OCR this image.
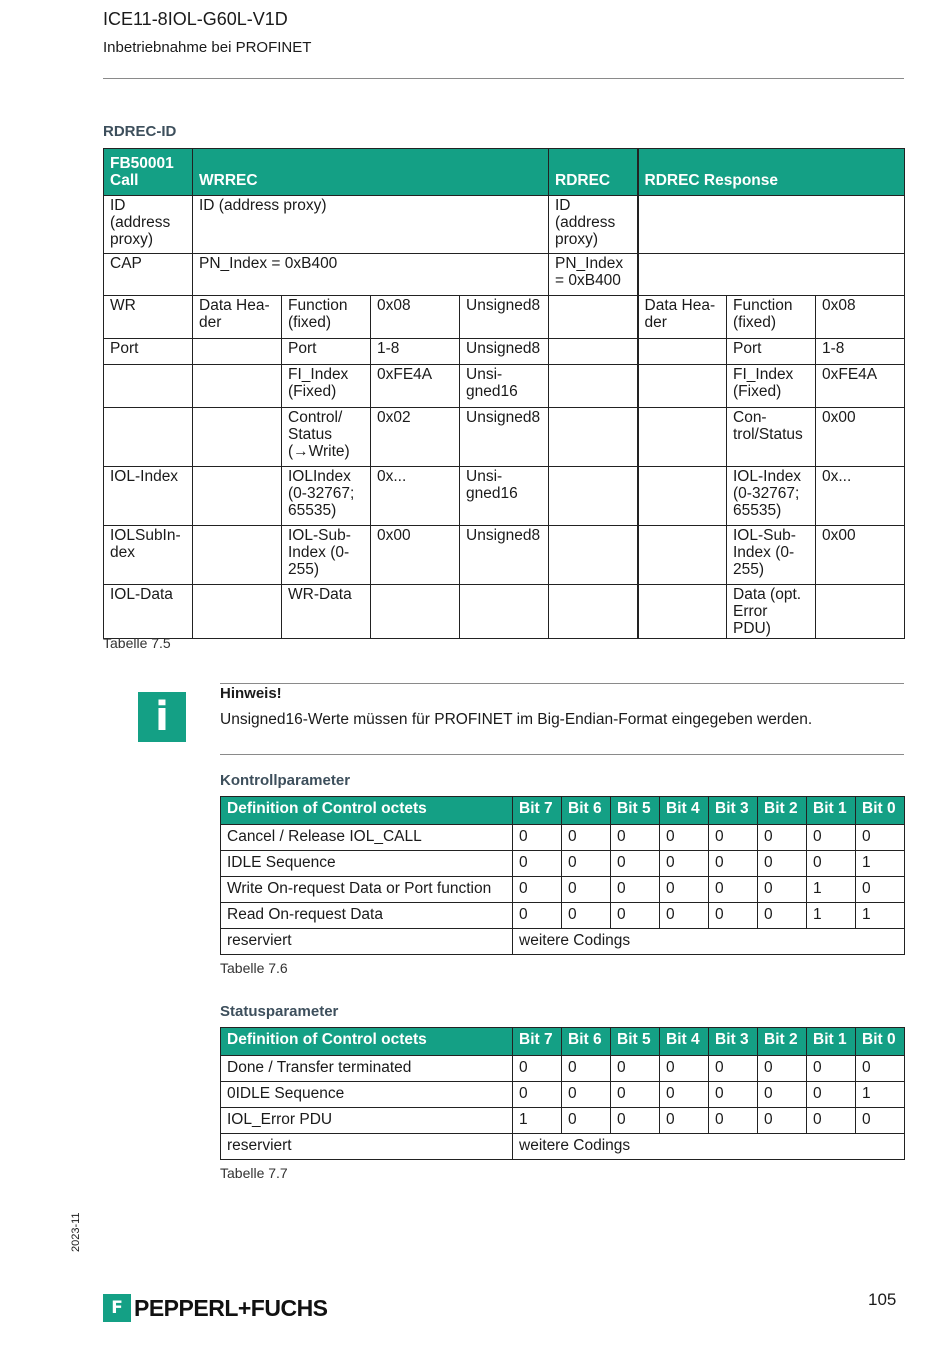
ICE11-8IOL-G60L-V1D
Inbetriebnahme bei PROFINET
RDREC-ID
FB50001 Call	WRREC				RDREC	RDREC Response		
ID (address proxy)	ID (address proxy)				ID (address proxy)			
CAP	PN_Index = 0xB400				PN_Index = 0xB400			
WR	Data Hea-der	Function (fixed)	0x08	Unsigned8		Data Hea-der	Function (fixed)	0x08
Port		Port	1-8	Unsigned8			Port	1-8
		FI_Index (Fixed)	0xFE4A	Unsi-gned16			FI_Index (Fixed)	0xFE4A
		Control/ Status (→Write)	0x02	Unsigned8			Con-trol/Status	0x00
IOL-Index		IOLIndex (0-32767; 65535)	0x...	Unsi-gned16			IOL-Index (0-32767; 65535)	0x...
IOLSubIn-dex		IOL-Sub-Index (0-255)	0x00	Unsigned8			IOL-Sub-Index (0-255)	0x00
IOL-Data		WR-Data					Data (opt. Error PDU)	
Tabelle 7.5
i
Hinweis!
Unsigned16-Werte müssen für PROFINET im Big-Endian-Format eingegeben werden.
Kontrollparameter
Definition of Control octets	Bit 7	Bit 6	Bit 5	Bit 4	Bit 3	Bit 2	Bit 1	Bit 0
Cancel / Release IOL_CALL	0	0	0	0	0	0	0	0
IDLE Sequence	0	0	0	0	0	0	0	1
Write On-request Data or Port function	0	0	0	0	0	0	1	0
Read On-request Data	0	0	0	0	0	0	1	1
reserviert	weitere Codings							
Tabelle 7.6
Statusparameter
Definition of Control octets	Bit 7	Bit 6	Bit 5	Bit 4	Bit 3	Bit 2	Bit 1	Bit 0
Done / Transfer terminated	0	0	0	0	0	0	0	0
0IDLE Sequence	0	0	0	0	0	0	0	1
IOL_Error PDU	1	0	0	0	0	0	0	0
reserviert	weitere Codings							
Tabelle 7.7
2023-11
F PEPPERL+FUCHS	105
